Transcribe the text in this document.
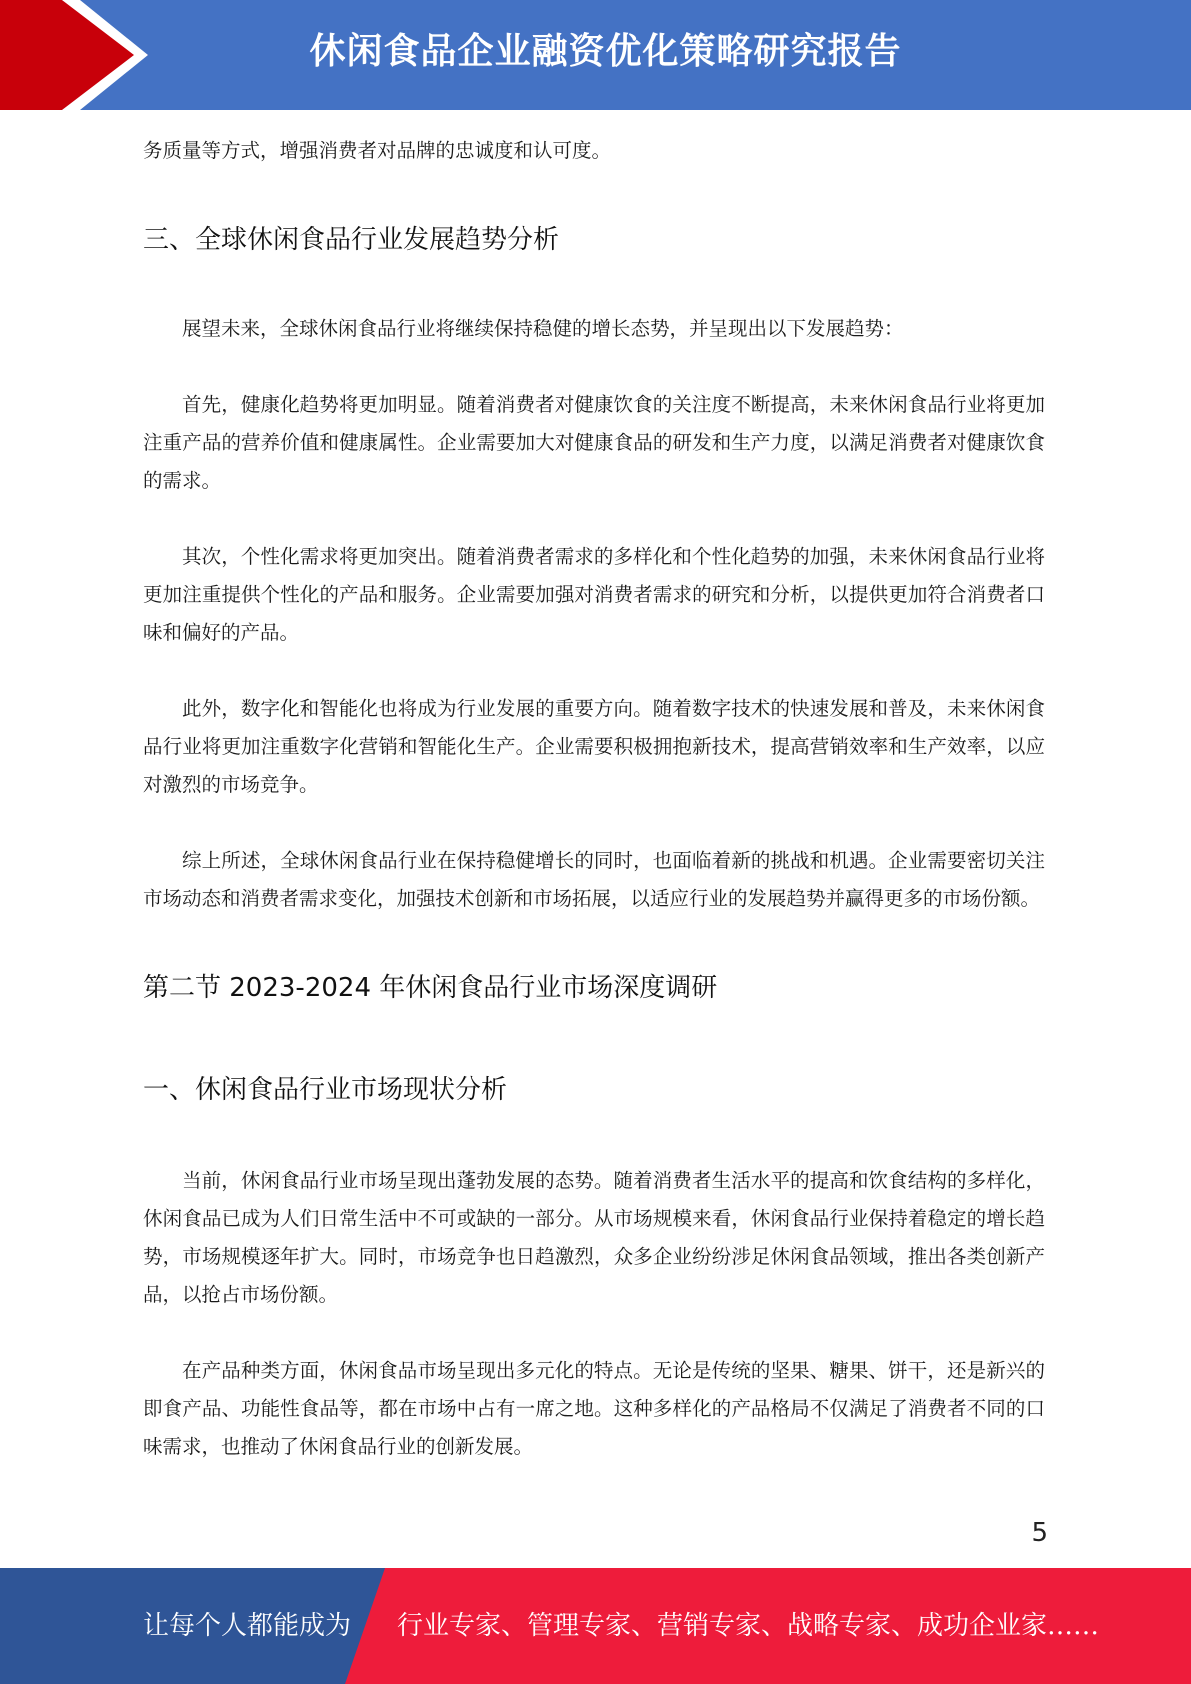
休闲食品企业融资优化策略研究报告

务质量等方式，增强消费者对品牌的忠诚度和认可度。

三、全球休闲食品行业发展趋势分析

展望未来，全球休闲食品行业将继续保持稳健的增长态势，并呈现出以下发展趋势：

首先，健康化趋势将更加明显。随着消费者对健康饮食的关注度不断提高，未来休闲食品行业将更加注重产品的营养价值和健康属性。企业需要加大对健康食品的研发和生产力度，以满足消费者对健康饮食的需求。

其次，个性化需求将更加突出。随着消费者需求的多样化和个性化趋势的加强，未来休闲食品行业将更加注重提供个性化的产品和服务。企业需要加强对消费者需求的研究和分析，以提供更加符合消费者口味和偏好的产品。

此外，数字化和智能化也将成为行业发展的重要方向。随着数字技术的快速发展和普及，未来休闲食品行业将更加注重数字化营销和智能化生产。企业需要积极拥抱新技术，提高营销效率和生产效率，以应对激烈的市场竞争。

综上所述，全球休闲食品行业在保持稳健增长的同时，也面临着新的挑战和机遇。企业需要密切关注市场动态和消费者需求变化，加强技术创新和市场拓展，以适应行业的发展趋势并赢得更多的市场份额。

第二节 2023-2024 年休闲食品行业市场深度调研
一、休闲食品行业市场现状分析

当前，休闲食品行业市场呈现出蓬勃发展的态势。随着消费者生活水平的提高和饮食结构的多样化，休闲食品已成为人们日常生活中不可或缺的一部分。从市场规模来看，休闲食品行业保持着稳定的增长趋势，市场规模逐年扩大。同时，市场竞争也日趋激烈，众多企业纷纷涉足休闲食品领域，推出各类创新产品，以抢占市场份额。

在产品种类方面，休闲食品市场呈现出多元化的特点。无论是传统的坚果、糖果、饼干，还是新兴的即食产品、功能性食品等，都在市场中占有一席之地。这种多样化的产品格局不仅满足了消费者不同的口味需求，也推动了休闲食品行业的创新发展。

5
让每个人都能成为 行业专家、管理专家、营销专家、战略专家、成功企业家……
